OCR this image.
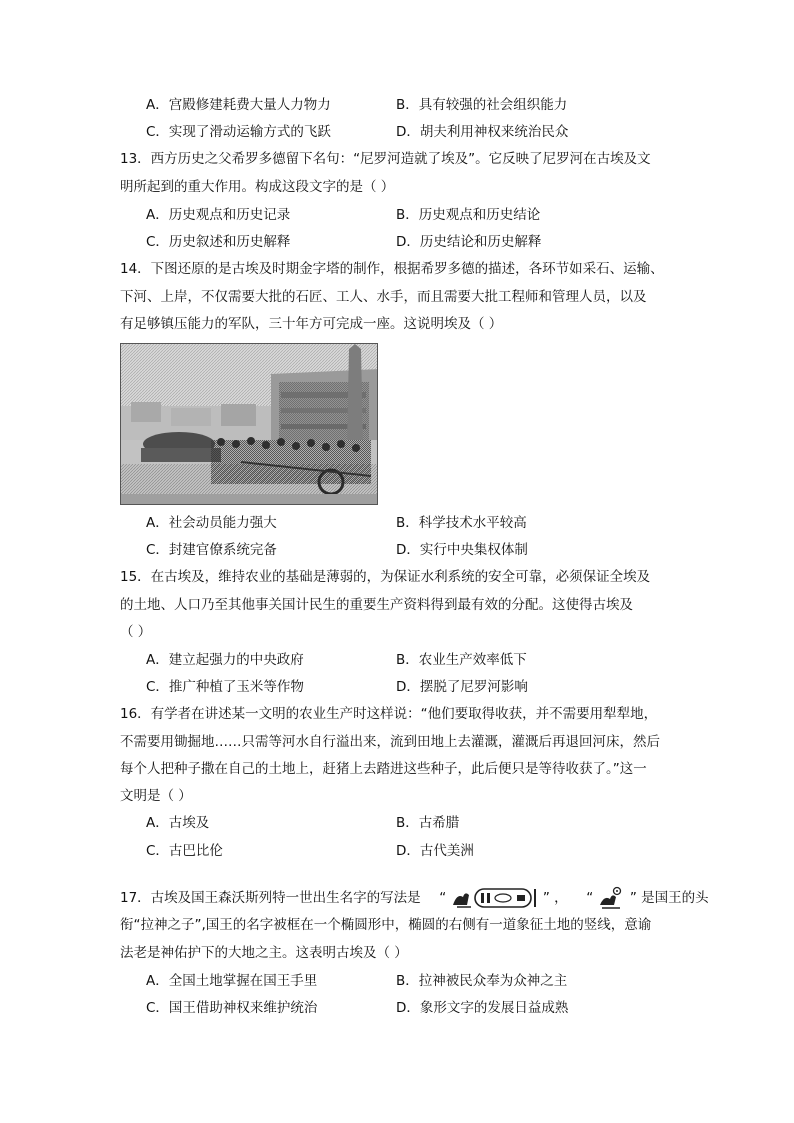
A．宫殿修建耗费大量人力物力	B．具有较强的社会组织能力
C．实现了滑动运输方式的飞跃	D．胡夫利用神权来统治民众
13．西方历史之父希罗多德留下名句：“尼罗河造就了埃及”。它反映了尼罗河在古埃及文
明所起到的重大作用。构成这段文字的是（ ）
A．历史观点和历史记录	B．历史观点和历史结论
C．历史叙述和历史解释	D．历史结论和历史解释
14．下图还原的是古埃及时期金字塔的制作，根据希罗多德的描述，各环节如采石、运输、
下河、上岸，不仅需要大批的石匠、工人、水手，而且需要大批工程师和管理人员，以及
有足够镇压能力的军队，三十年方可完成一座。这说明埃及（ ）
A．社会动员能力强大	B．科学技术水平较高
C．封建官僚系统完备	D．实行中央集权体制
15．在古埃及，维持农业的基础是薄弱的，为保证水利系统的安全可靠，必须保证全埃及
的土地、人口乃至其他事关国计民生的重要生产资料得到最有效的分配。这使得古埃及
（ ）
A．建立起强力的中央政府	B．农业生产效率低下
C．推广种植了玉米等作物	D．摆脱了尼罗河影响
16．有学者在讲述某一文明的农业生产时这样说：“他们要取得收获，并不需要用犁犁地，
不需要用锄掘地……只需等河水自行溢出来，流到田地上去灌溉，灌溉后再退回河床，然后
每个人把种子撒在自己的土地上，赶猪上去踏进这些种子，此后便只是等待收获了。”这一
文明是（ ）
A．古埃及	B．古希腊
C．古巴比伦	D．古代美洲
17．古埃及国王森沃斯列特一世出生名字的写法是 “	” ， “	” 是国王的头
衔“拉神之子”,国王的名字被框在一个椭圆形中，椭圆的右侧有一道象征土地的竖线，意谕
法老是神佑护下的大地之主。这表明古埃及（ ）
A．全国土地掌握在国王手里	B．拉神被民众奉为众神之主
C．国王借助神权来维护统治	D．象形文字的发展日益成熟
